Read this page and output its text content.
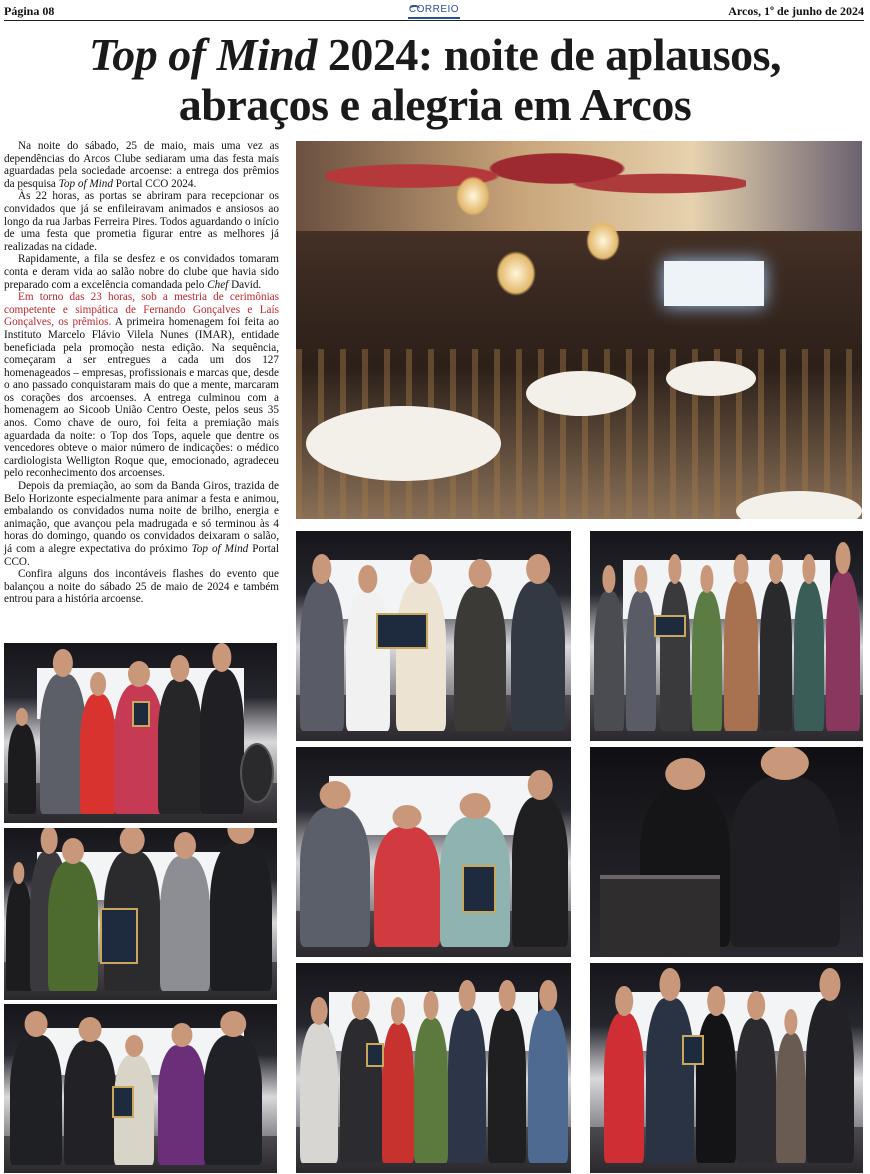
Página 08	CORREIO	Arcos, 1º de junho de 2024
Top of Mind 2024: noite de aplausos,
abraços e alegria em Arcos

Na noite do sábado, 25 de maio, mais uma vez as dependências do Arcos Clube sediaram uma das festa mais aguardadas pela sociedade arcoense: a entrega dos prêmios da pesquisa Top of Mind Portal CCO 2024.

Às 22 horas, as portas se abriram para recepcionar os convidados que já se enfileiravam animados e ansiosos ao longo da rua Jarbas Ferreira Pires. Todos aguardando o início de uma festa que prometia figurar entre as melhores já realizadas na cidade.

Rapidamente, a fila se desfez e os convidados tomaram conta e deram vida ao salão nobre do clube que havia sido preparado com a excelência comandada pelo Chef David.

Em torno das 23 horas, sob a mestria de cerimônias competente e simpática de Fernando Gonçalves e Laís Gonçalves, os prêmios. A primeira homenagem foi feita ao Instituto Marcelo Flávio Vilela Nunes (IMAR), entidade beneficiada pela promoção nesta edição. Na sequência, começaram a ser entregues a cada um dos 127 homenageados – empresas, profissionais e marcas que, desde o ano passado conquistaram mais do que a mente, marcaram os corações dos arcoenses. A entrega culminou com a homenagem ao Sicoob União Centro Oeste, pelos seus 35 anos. Como chave de ouro, foi feita a premiação mais aguardada da noite: o Top dos Tops, aquele que dentre os vencedores obteve o maior número de indicações: o médico cardiologista Welligton Roque que, emocionado, agradeceu pelo reconhecimento dos arcoenses.

Depois da premiação, ao som da Banda Giros, trazida de Belo Horizonte especialmente para animar a festa e animou, embalando os convidados numa noite de brilho, energia e animação, que avançou pela madrugada e só terminou às 4 horas do domingo, quando os convidados deixaram o salão, já com a alegre expectativa do próximo Top of Mind Portal CCO.

Confira alguns dos incontáveis flashes do evento que balançou a noite do sábado 25 de maio de 2024 e também entrou para a história arcoense.
